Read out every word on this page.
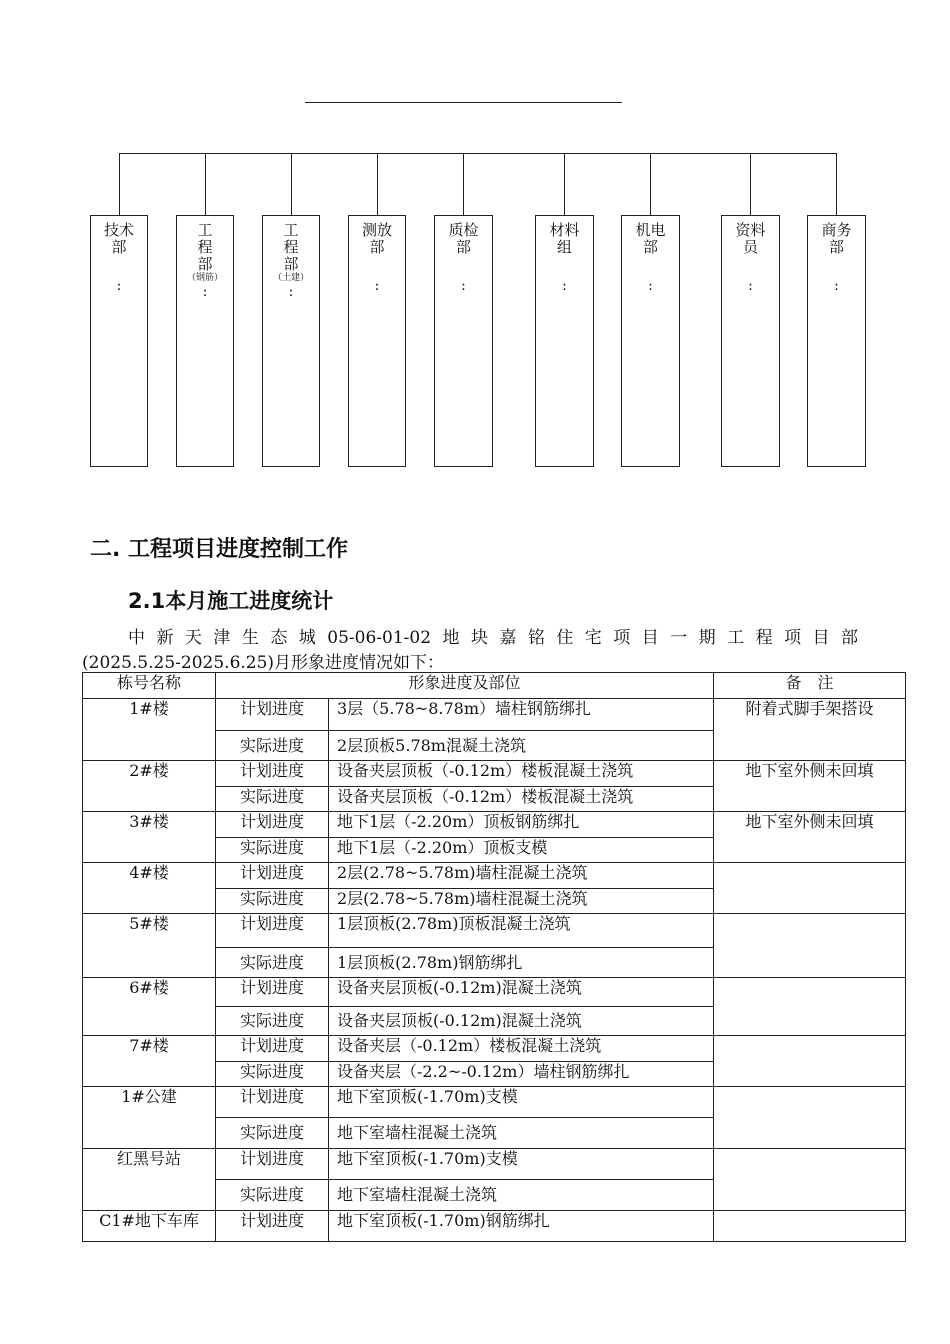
技术
部
:
工
程
部
（钢筋）
:
工
程
部
（土建）
:
测放
部
:
质检
部
:
材料
组
:
机电
部
:
资料
员
:
商务
部
:
二. 工程项目进度控制工作
2.1本月施工进度统计
中新天津生态城05-06-01-02地块嘉铭住宅项目一期工程项目部
(2025.5.25-2025.6.25)月形象进度情况如下：
栋号名称	形象进度及部位		备　注
1#楼	计划进度	3层（5.78~8.78m）墙柱钢筋绑扎	附着式脚手架搭设
	实际进度	2层顶板5.78m混凝土浇筑	
2#楼	计划进度	设备夹层顶板（-0.12m）楼板混凝土浇筑	地下室外侧未回填
	实际进度	设备夹层顶板（-0.12m）楼板混凝土浇筑	
3#楼	计划进度	地下1层（-2.20m）顶板钢筋绑扎	地下室外侧未回填
	实际进度	地下1层（-2.20m）顶板支模	
4#楼	计划进度	2层(2.78~5.78m)墙柱混凝土浇筑	
	实际进度	2层(2.78~5.78m)墙柱混凝土浇筑	
5#楼	计划进度	1层顶板(2.78m)顶板混凝土浇筑	
	实际进度	1层顶板(2.78m)钢筋绑扎	
6#楼	计划进度	设备夹层顶板(-0.12m)混凝土浇筑	
	实际进度	设备夹层顶板(-0.12m)混凝土浇筑	
7#楼	计划进度	设备夹层（-0.12m）楼板混凝土浇筑	
	实际进度	设备夹层（-2.2~-0.12m）墙柱钢筋绑扎	
1#公建	计划进度	地下室顶板(-1.70m)支模	
	实际进度	地下室墙柱混凝土浇筑	
红黑号站	计划进度	地下室顶板(-1.70m)支模	
	实际进度	地下室墙柱混凝土浇筑	
C1#地下车库	计划进度	地下室顶板(-1.70m)钢筋绑扎	
